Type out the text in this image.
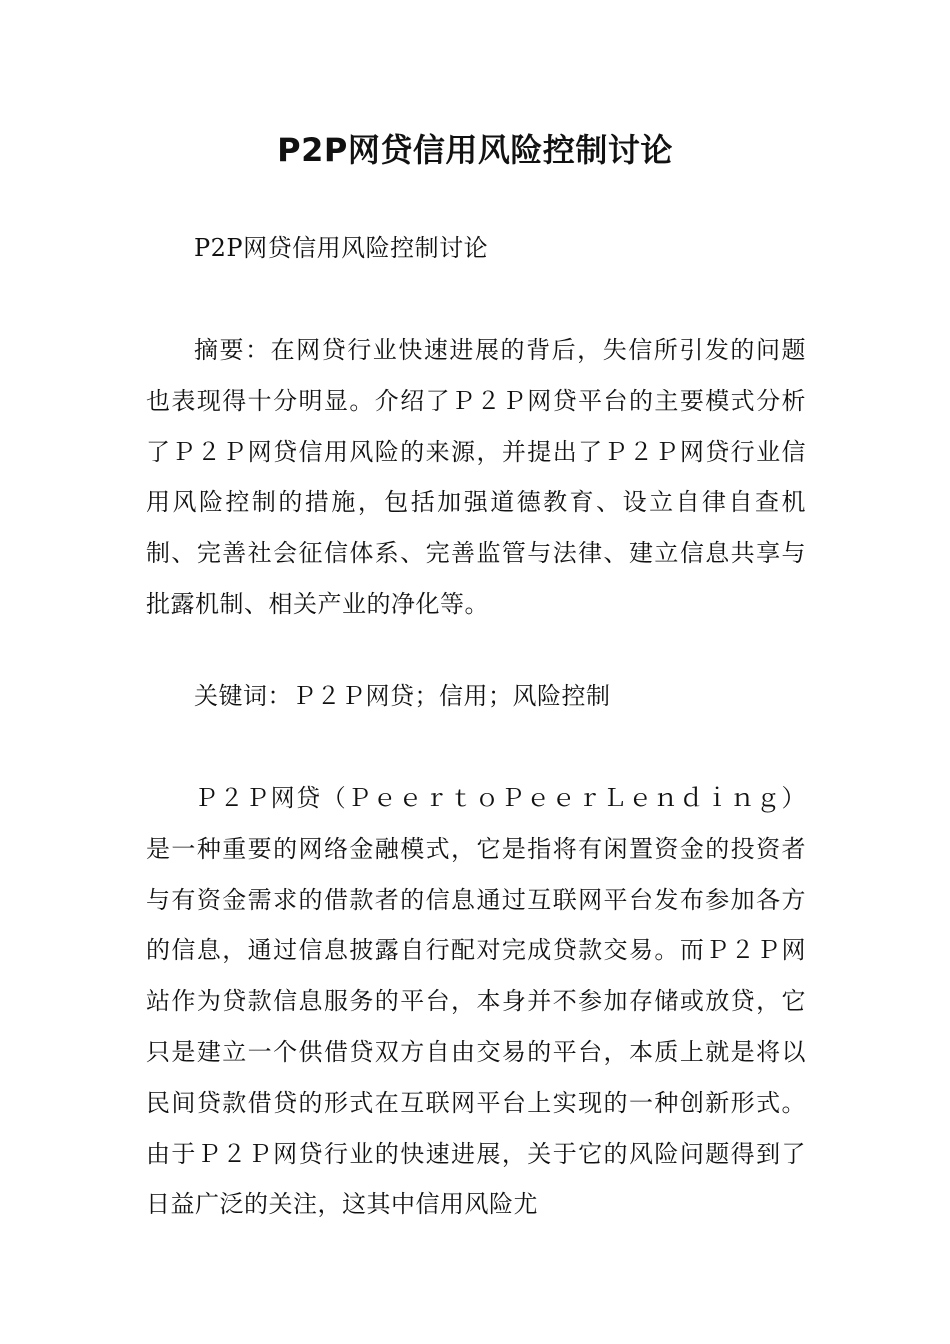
P2P网贷信用风险控制讨论

P2P网贷信用风险控制讨论

摘要：在网贷行业快速进展的背后，失信所引发的问题也表现得十分明显。介绍了Ｐ２Ｐ网贷平台的主要模式分析了Ｐ２Ｐ网贷信用风险的来源，并提出了Ｐ２Ｐ网贷行业信用风险控制的措施，包括加强道德教育、设立自律自查机制、完善社会征信体系、完善监管与法律、建立信息共享与批露机制、相关产业的净化等。

关键词：Ｐ２Ｐ网贷；信用；风险控制

Ｐ２Ｐ网贷（ＰｅｅｒｔｏＰｅｅｒＬｅｎｄｉｎｇ）是一种重要的网络金融模式，它是指将有闲置资金的投资者与有资金需求的借款者的信息通过互联网平台发布参加各方的信息，通过信息披露自行配对完成贷款交易。而Ｐ２Ｐ网站作为贷款信息服务的平台，本身并不参加存储或放贷，它只是建立一个供借贷双方自由交易的平台，本质上就是将以民间贷款借贷的形式在互联网平台上实现的一种创新形式。由于Ｐ２Ｐ网贷行业的快速进展，关于它的风险问题得到了日益广泛的关注，这其中信用风险尤
